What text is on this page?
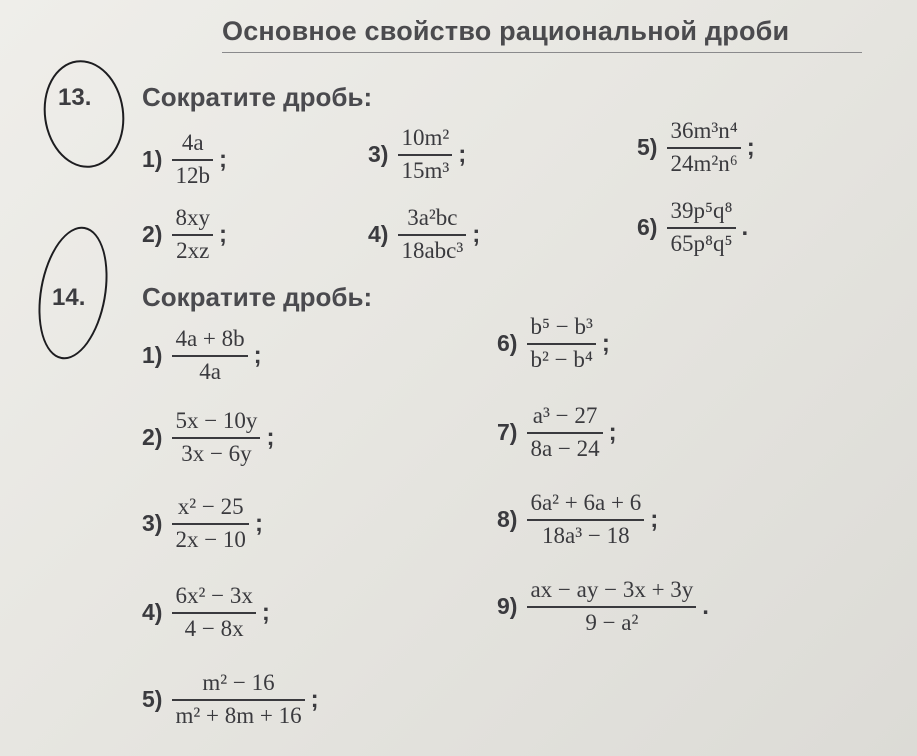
Основное свойство рациональной дроби
13. Сократите дробь:
$1) \frac{4a}{12b}$ ;
$2) \frac{8xy}{2xz}$ ;
$3) \frac{\text{10m²}}{\text{15m³}}$ ;
$4) \frac{\text{3a²bc}}{\text{18abc³}}$ ;
$5) \frac{\text{36m³n⁴}}{\text{24m²n⁶}}$ ;
$6) \frac{\text{39p⁵q⁸}}{\text{65p⁸q⁵}}$ .
14. Сократите дробь:
$1) \frac{4a + 8b}{4a}$ ;
$2) \frac{5x - 10y}{3x - 6y}$ ;
$3) \frac{\text{x² − 25}}{2x - 10}$ ;
$4) \frac{\text{6x² − 3x}}{4 - 8x}$ ;
$5) \frac{\text{m² − 16}}{\text{m² + 8m + 16}}$ ;
$6) \frac{\text{b⁵ − b³}}{\text{b² − b⁴}}$ ;
$7) \frac{\text{a³ − 27}}{8a - 24}$ ;
$8) \frac{\text{6a² + 6a + 6}}{\text{18a³ − 18}}$ ;
$9) \frac{ax - ay - 3x + 3y}{\text{9 − a²}}$ .
